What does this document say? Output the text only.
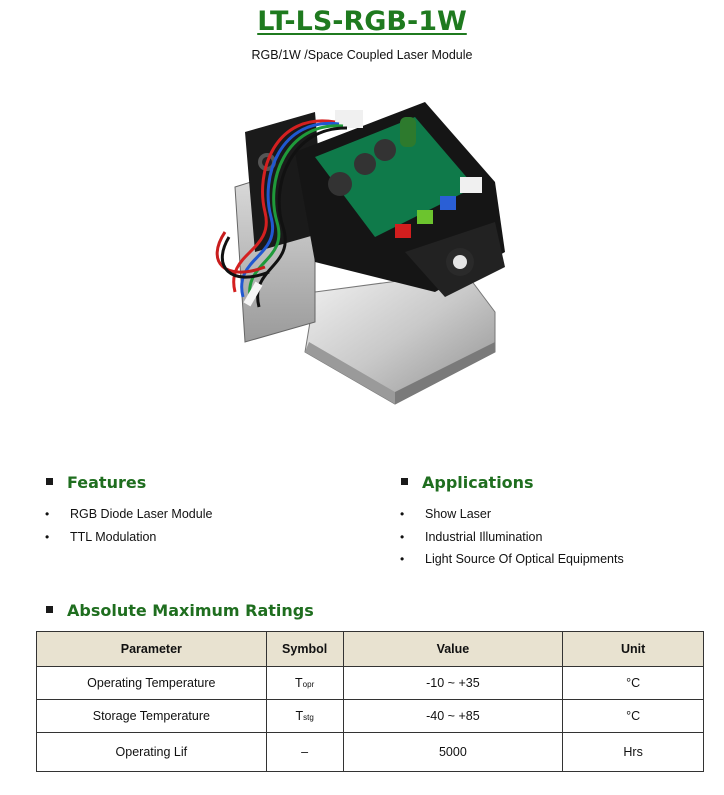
LT-LS-RGB-1W
RGB/1W /Space Coupled Laser Module
Features
• RGB Diode Laser Module
• TTL Modulation
Applications
• Show Laser
• Industrial Illumination
• Light Source Of Optical Equipments
Absolute Maximum Ratings
Parameter	Symbol	Value	Unit
Operating Temperature	Topr	-10 ~ +35	°C
Storage Temperature	Tstg	-40 ~ +85	°C
Operating Lif	–	5000	Hrs
